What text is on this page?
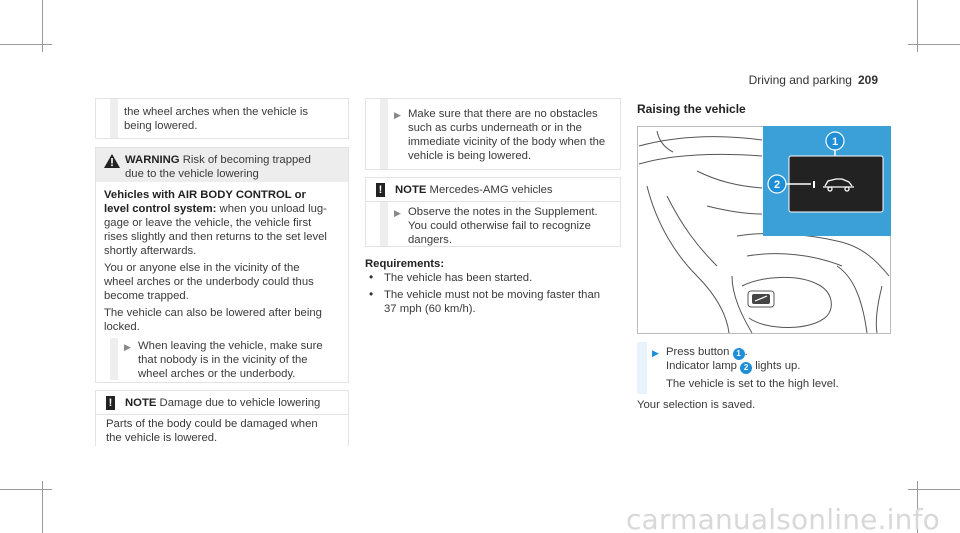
Driving and parking 209
the wheel arches when the vehicle is
being lowered.
WARNING Risk of becoming trapped
due to the vehicle lowering
Vehicles with AIR BODY CONTROL or
level control system: when you unload lug-
gage or leave the vehicle, the vehicle first
rises slightly and then returns to the set level
shortly afterwards.
You or anyone else in the vicinity of the
wheel arches or the underbody could thus
become trapped.
The vehicle can also be lowered after being
locked.
▶ When leaving the vehicle, make sure
that nobody is in the vicinity of the
wheel arches or the underbody.
! NOTE Damage due to vehicle lowering
Parts of the body could be damaged when
the vehicle is lowered.
▶ Make sure that there are no obstacles
such as curbs underneath or in the
immediate vicinity of the body when the
vehicle is being lowered.
! NOTE Mercedes-AMG vehicles
▶ Observe the notes in the Supplement.
You could otherwise fail to recognize
dangers.
Requirements:
• The vehicle has been started.
• The vehicle must not be moving faster than
37 mph (60 km/h).
Raising the vehicle
1
2
▶ Press button 1 .
Indicator lamp 2 lights up.
The vehicle is set to the high level.
Your selection is saved.
carmanualsonline.info
